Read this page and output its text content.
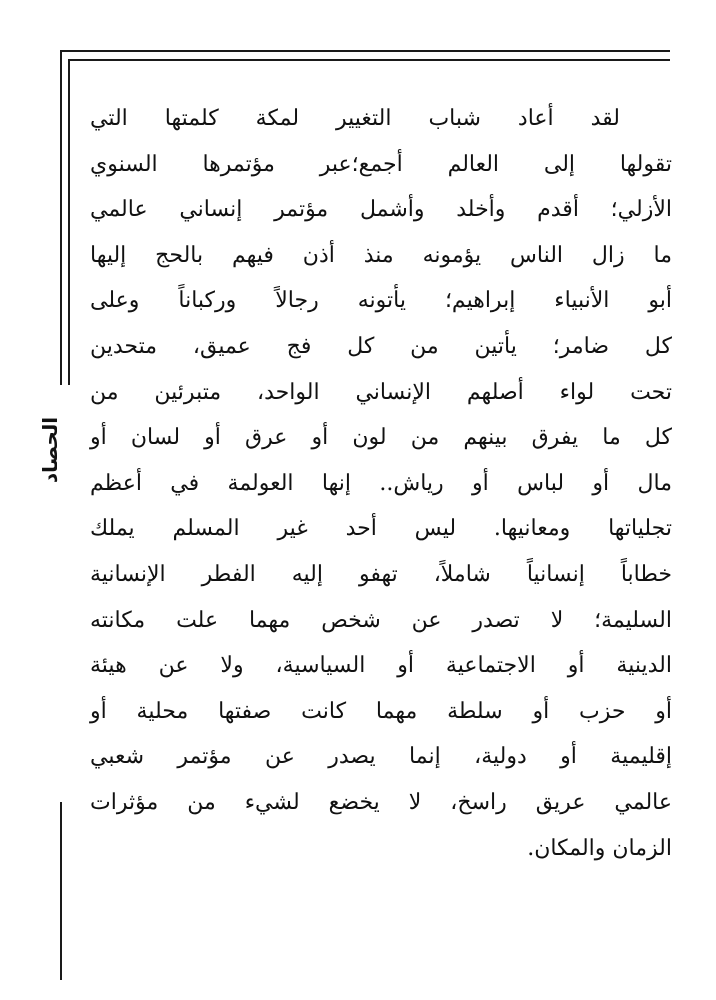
الحصاد
لقد أعاد شباب التغيير لمكة كلمتها التي
تقولها إلى العالم أجمع؛عبر مؤتمرها السنوي
الأزلي؛ أقدم وأخلد وأشمل مؤتمر إنساني عالمي
ما زال الناس يؤمونه منذ أذن فيهم بالحج إليها
أبو الأنبياء إبراهيم؛ يأتونه رجالاً وركباناً وعلى
كل ضامر؛ يأتين من كل فج عميق، متحدين
تحت لواء أصلهم الإنساني الواحد، متبرئين من
كل ما يفرق بينهم من لون أو عرق أو لسان أو
مال أو لباس أو رياش.. إنها العولمة في أعظم
تجلياتها ومعانيها. ليس أحد غير المسلم يملك
خطاباً إنسانياً شاملاً، تهفو إليه الفطر الإنسانية
السليمة؛ لا تصدر عن شخص مهما علت مكانته
الدينية أو الاجتماعية أو السياسية، ولا عن هيئة
أو حزب أو سلطة مهما كانت صفتها محلية أو
إقليمية أو دولية، إنما يصدر عن مؤتمر شعبي
عالمي عريق راسخ، لا يخضع لشيء من مؤثرات
الزمان والمكان.
